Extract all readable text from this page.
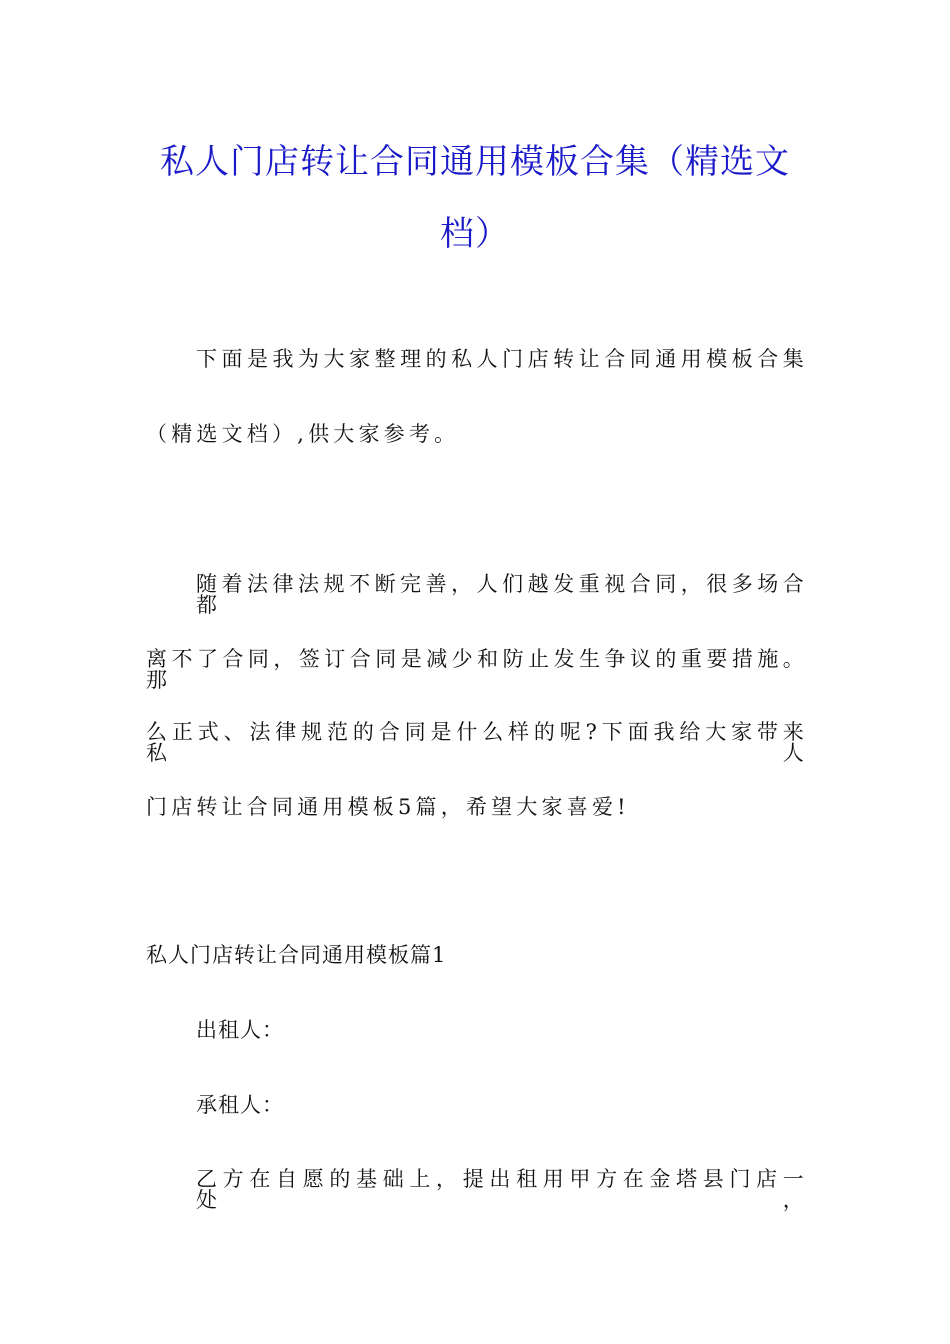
私人门店转让合同通用模板合集（精选文
档）
下面是我为大家整理的私人门店转让合同通用模板合集
（精选文档）,供大家参考。
随着法律法规不断完善，人们越发重视合同，很多场合都
离不了合同，签订合同是减少和防止发生争议的重要措施。那
么正式、法律规范的合同是什么样的呢?下面我给大家带来私人
门店转让合同通用模板5篇，希望大家喜爱!
私人门店转让合同通用模板篇1
出租人：
承租人：
乙方在自愿的基础上，提出租用甲方在金塔县门店一处，
